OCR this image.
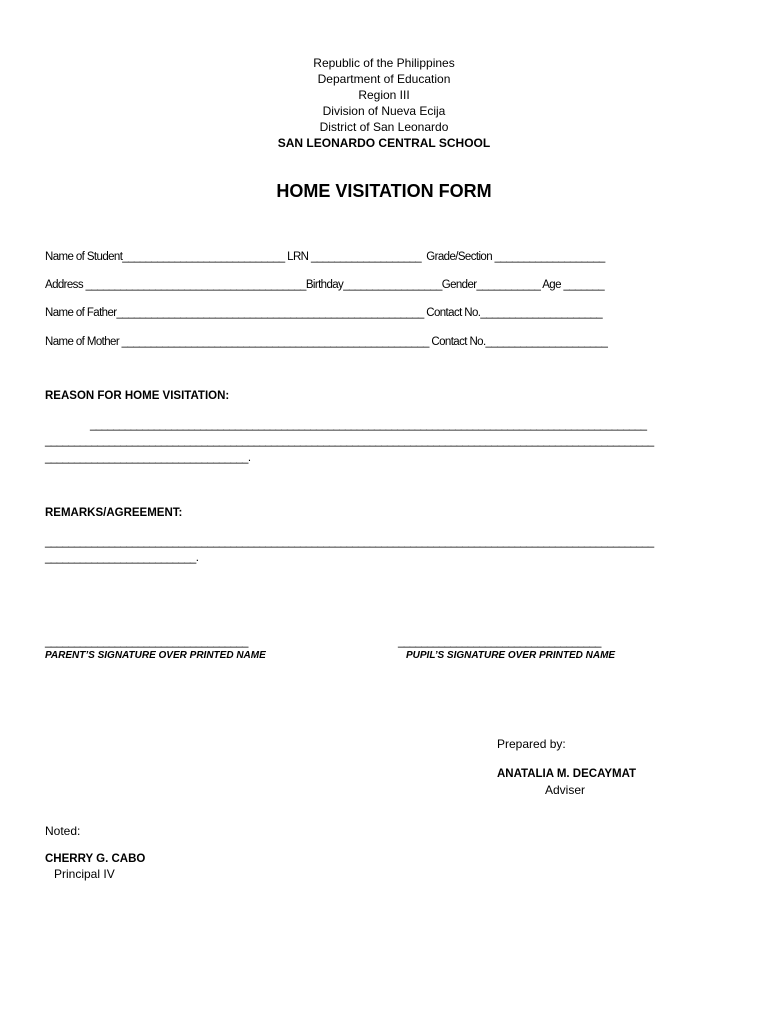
Republic of the Philippines
Department of Education
Region III
Division of Nueva Ecija
District of San Leonardo
SAN LEONARDO CENTRAL SCHOOL
HOME VISITATION FORM
Name of Student____________________________ LRN ___________________  Grade/Section ___________________
Address ______________________________________Birthday_________________Gender___________ Age _______
Name of Father_____________________________________________________ Contact No._____________________
Name of Mother _____________________________________________________ Contact No._____________________
REASON FOR HOME VISITATION:
________________________________________________________________________________________________
_________________________________________________________________________________________________________
___________________________________.
REMARKS/AGREEMENT:
_________________________________________________________________________________________________________
__________________________.
___________________________________
PARENT’S SIGNATURE OVER PRINTED NAME
___________________________________
PUPIL’S SIGNATURE OVER PRINTED NAME
Prepared by:
ANATALIA M. DECAYMAT
Adviser
Noted:
CHERRY G. CABO
Principal IV
